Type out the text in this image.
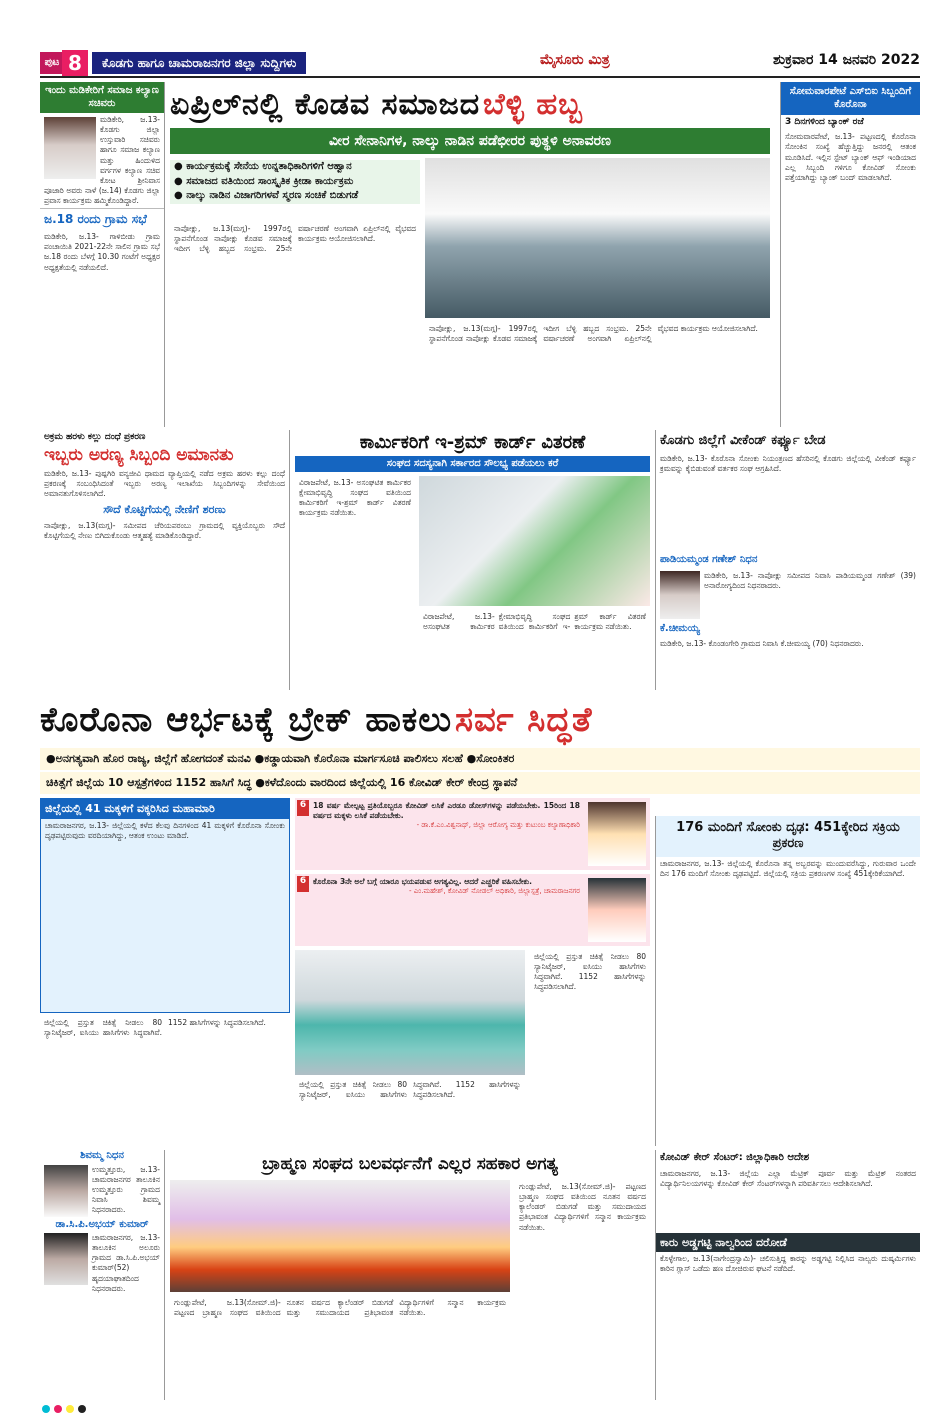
ಪುಟ 8	ಕೊಡಗು ಹಾಗೂ ಚಾಮರಾಜನಗರ ಜಿಲ್ಲಾ ಸುದ್ದಿಗಳು	ಮೈಸೂರು ಮಿತ್ರ	ಶುಕ್ರವಾರ 14 ಜನವರಿ 2022
ಇಂದು ಮಡಿಕೇರಿಗೆ ಸಮಾಜ ಕಲ್ಯಾಣ ಸಚಿವರು
ಮಡಿಕೇರಿ, ಜ.13- ಕೊಡಗು ಜಿಲ್ಲಾ ಉಸ್ತುವಾರಿ ಸಚಿವರು ಹಾಗೂ ಸಮಾಜ ಕಲ್ಯಾಣ ಮತ್ತು ಹಿಂದುಳಿದ ವರ್ಗಗಳ ಕಲ್ಯಾಣ ಸಚಿವ ಕೋಟ ಶ್ರೀನಿವಾಸ ಪೂಜಾರಿ ಅವರು ನಾಳೆ (ಜ.14) ಕೊಡಗು ಜಿಲ್ಲಾ ಪ್ರವಾಸ ಕಾರ್ಯಕ್ರಮ ಹಮ್ಮಿಕೊಂಡಿದ್ದಾರೆ.
ಜ.18 ರಂದು ಗ್ರಾಮ ಸಭೆ
ಮಡಿಕೇರಿ, ಜ.13- ಗಾಳಿಬೀಡು ಗ್ರಾಮ ಪಂಚಾಯಿತಿ 2021-22ನೇ ಸಾಲಿನ ಗ್ರಾಮ ಸಭೆ ಜ.18 ರಂದು ಬೆಳಗ್ಗೆ 10.30 ಗಂಟೆಗೆ ಅಧ್ಯಕ್ಷರ ಅಧ್ಯಕ್ಷತೆಯಲ್ಲಿ ನಡೆಯಲಿದೆ.
ಏಪ್ರಿಲ್‌ನಲ್ಲಿ ಕೊಡವ ಸಮಾಜದ ಬೆಳ್ಳಿ ಹಬ್ಬ
ವೀರ ಸೇನಾನಿಗಳ, ನಾಲ್ಕು ನಾಡಿನ ಪಡೆಛೀರರ ಪುತ್ಥಳಿ ಅನಾವರಣ
● ಕಾರ್ಯಕ್ರಮಕ್ಕೆ ಸೇನೆಯ ಉನ್ನತಾಧಿಕಾರಿಗಳಿಗೆ ಆಹ್ವಾನ
● ಸಮಾಜದ ವತಿಯಿಂದ ಸಾಂಸ್ಕೃತಿಕ ಕ್ರೀಡಾ ಕಾರ್ಯಕ್ರಮ
● ನಾಲ್ಕು ನಾಡಿನ ವಿಜಾಗರಿಗಳವೆ ಸ್ಮರಣ ಸಂಚಿಕೆ ಬಿಡುಗಡೆ
ನಾಪೋಕ್ಲು, ಜ.13(ಮಗ್ಗ)- 1997ರಲ್ಲಿ ಸ್ಥಾಪನೆಗೊಂಡ ನಾಪೋಕ್ಲು ಕೊಡವ ಸಮಾಜಕ್ಕೆ ಇದೀಗ ಬೆಳ್ಳಿ ಹಬ್ಬದ ಸಂಭ್ರಮ. 25ನೇ ವರ್ಷಾಚರಣೆ ಅಂಗವಾಗಿ ಏಪ್ರಿಲ್‌ನಲ್ಲಿ ವೈಭವದ ಕಾರ್ಯಕ್ರಮ ಆಯೋಜಿಸಲಾಗಿದೆ.
ನಾಪೋಕ್ಲು, ಜ.13(ಮಗ್ಗ)- 1997ರಲ್ಲಿ ಸ್ಥಾಪನೆಗೊಂಡ ನಾಪೋಕ್ಲು ಕೊಡವ ಸಮಾಜಕ್ಕೆ ಇದೀಗ ಬೆಳ್ಳಿ ಹಬ್ಬದ ಸಂಭ್ರಮ. 25ನೇ ವರ್ಷಾಚರಣೆ ಅಂಗವಾಗಿ ಏಪ್ರಿಲ್‌ನಲ್ಲಿ ವೈಭವದ ಕಾರ್ಯಕ್ರಮ ಆಯೋಜಿಸಲಾಗಿದೆ.
ಸೋಮವಾರಪೇಟೆ ಎಸ್‌ಬಿಐ ಸಿಬ್ಬಂದಿಗೆ ಕೊರೊನಾ
3 ದಿನಗಳಿಂದ ಬ್ಯಾಂಕ್ ರಜೆ
ಸೋಮವಾರಪೇಟೆ, ಜ.13- ಪಟ್ಟಣದಲ್ಲಿ ಕೊರೊನಾ ಸೋಂಕಿನ ಸಂಖ್ಯೆ ಹೆಚ್ಚುತ್ತಿದ್ದು ಜನರಲ್ಲಿ ಆತಂಕ ಮೂಡಿಸಿದೆ. ಇಲ್ಲಿನ ಸ್ಟೇಟ್ ಬ್ಯಾಂಕ್ ಆಫ್ ಇಂಡಿಯಾದ ಎಲ್ಲ ಸಿಬ್ಬಂದಿ ಗಳಿಗೂ ಕೋವಿಡ್ ಸೋಂಕು ಪತ್ತೆಯಾಗಿದ್ದು ಬ್ಯಾಂಕ್ ಬಂದ್ ಮಾಡಲಾಗಿದೆ.
ಅಕ್ರಮ ಹರಳು ಕಲ್ಲು ದಂಧೆ ಪ್ರಕರಣ
ಇಬ್ಬರು ಅರಣ್ಯ ಸಿಬ್ಬಂದಿ ಅಮಾನತು
ಮಡಿಕೇರಿ, ಜ.13- ಪುಷ್ಪಗಿರಿ ವನ್ಯಜೀವಿ ಧಾಮದ ವ್ಯಾಪ್ತಿಯಲ್ಲಿ ನಡೆದ ಅಕ್ರಮ ಹರಳು ಕಲ್ಲು ದಂಧೆ ಪ್ರಕರಣಕ್ಕೆ ಸಂಬಂಧಿಸಿದಂತೆ ಇಬ್ಬರು ಅರಣ್ಯ ಇಲಾಖೆಯ ಸಿಬ್ಬಂದಿಗಳನ್ನು ಸೇವೆಯಿಂದ ಅಮಾನತುಗೊಳಿಸಲಾಗಿದೆ.
ಸೌದೆ ಕೊಟ್ಟಿಗೆಯಲ್ಲಿ ನೇಣಿಗೆ ಶರಣು
ನಾಪೋಕ್ಲು, ಜ.13(ಮಗ್ಗ)- ಸಮೀಪದ ಚೆರಿಯಪರಂಬು ಗ್ರಾಮದಲ್ಲಿ ವ್ಯಕ್ತಿಯೊಬ್ಬರು ಸೌದೆ ಕೊಟ್ಟಿಗೆಯಲ್ಲಿ ನೇಣು ಬಿಗಿದುಕೊಂಡು ಆತ್ಮಹತ್ಯೆ ಮಾಡಿಕೊಂಡಿದ್ದಾರೆ.
ಕಾರ್ಮಿಕರಿಗೆ ಇ-ಶ್ರಮ್ ಕಾರ್ಡ್ ವಿತರಣೆ
ಸಂಘದ ಸದಸ್ಯನಾಗಿ ಸರ್ಕಾರದ ಸೌಲಭ್ಯ ಪಡೆಯಲು ಕರೆ
ವಿರಾಜಪೇಟೆ, ಜ.13- ಅಸಂಘಟಿತ ಕಾರ್ಮಿಕರ ಕ್ಷೇಮಾಭಿವೃದ್ಧಿ ಸಂಘದ ವತಿಯಿಂದ ಕಾರ್ಮಿಕರಿಗೆ ಇ-ಶ್ರಮ್ ಕಾರ್ಡ್ ವಿತರಣೆ ಕಾರ್ಯಕ್ರಮ ನಡೆಯಿತು.
ವಿರಾಜಪೇಟೆ, ಜ.13- ಅಸಂಘಟಿತ ಕಾರ್ಮಿಕರ ಕ್ಷೇಮಾಭಿವೃದ್ಧಿ ಸಂಘದ ವತಿಯಿಂದ ಕಾರ್ಮಿಕರಿಗೆ ಇ-ಶ್ರಮ್ ಕಾರ್ಡ್ ವಿತರಣೆ ಕಾರ್ಯಕ್ರಮ ನಡೆಯಿತು.
ಕೊಡಗು ಜಿಲ್ಲೆಗೆ ವೀಕೆಂಡ್ ಕರ್ಫ್ಯೂ ಬೇಡ
ಮಡಿಕೇರಿ, ಜ.13- ಕೊರೊನಾ ಸೋಂಕು ನಿಯಂತ್ರಣದ ಹೆಸರಿನಲ್ಲಿ ಕೊಡಗು ಜಿಲ್ಲೆಯಲ್ಲಿ ವೀಕೆಂಡ್ ಕರ್ಫ್ಯೂ ಕ್ರಮವನ್ನು ಕೈಬಿಡುವಂತೆ ವರ್ತಕರ ಸಂಘ ಆಗ್ರಹಿಸಿದೆ.
ಪಾಡಿಯಮ್ಮಂಡ ಗಣೇಶ್ ನಿಧನ
ಮಡಿಕೇರಿ, ಜ.13- ನಾಪೋಕ್ಲು ಸಮೀಪದ ನಿವಾಸಿ ಪಾಡಿಯಮ್ಮಂಡ ಗಣೇಶ್ (39) ಅನಾರೋಗ್ಯದಿಂದ ನಿಧನರಾದರು.
ಕೆ.ಚೀಮಯ್ಯ
ಮಡಿಕೇರಿ, ಜ.13- ಕೊಂಡಂಗೇರಿ ಗ್ರಾಮದ ನಿವಾಸಿ ಕೆ.ಚೀಮಯ್ಯ (70) ನಿಧನರಾದರು.
ಕೊರೊನಾ ಆರ್ಭಟಕ್ಕೆ ಬ್ರೇಕ್ ಹಾಕಲು ಸರ್ವ ಸಿದ್ಧತೆ
●ಅನಗತ್ಯವಾಗಿ ಹೊರ ರಾಜ್ಯ, ಜಿಲ್ಲೆಗೆ ಹೋಗದಂತೆ ಮನವಿ ●ಕಡ್ಡಾಯವಾಗಿ ಕೊರೊನಾ ಮಾರ್ಗಸೂಚಿ ಪಾಲಿಸಲು ಸಲಹೆ ●ಸೋಂಕಿತರ
ಚಿಕಿತ್ಸೆಗೆ ಜಿಲ್ಲೆಯ 10 ಆಸ್ಪತ್ರೆಗಳಿಂದ 1152 ಹಾಸಿಗೆ ಸಿದ್ಧ ●ಕಳೆದೊಂದು ವಾರದಿಂದ ಜಿಲ್ಲೆಯಲ್ಲಿ 16 ಕೋವಿಡ್ ಕೇರ್ ಕೇಂದ್ರ ಸ್ಥಾಪನೆ
ಜಿಲ್ಲೆಯಲ್ಲಿ 41 ಮಕ್ಕಳಿಗೆ ವಕ್ಕರಿಸಿದ ಮಹಾಮಾರಿ
ಚಾಮರಾಜನಗರ, ಜ.13- ಜಿಲ್ಲೆಯಲ್ಲಿ ಕಳೆದ ಕೆಲವು ದಿನಗಳಿಂದ 41 ಮಕ್ಕಳಿಗೆ ಕೊರೊನಾ ಸೋಂಕು ದೃಢಪಟ್ಟಿರುವುದು ವರದಿಯಾಗಿದ್ದು, ಆತಂಕ ಉಂಟು ಮಾಡಿದೆ.
ಜಿಲ್ಲೆಯಲ್ಲಿ ಪ್ರಸ್ತುತ ಚಿಕಿತ್ಸೆ ನೀಡಲು 80 ಸ್ಯಾನಿಟೈಜರ್, ಐಸಿಯು ಹಾಸಿಗೆಗಳು ಸಿದ್ಧವಾಗಿವೆ. 1152 ಹಾಸಿಗೆಗಳನ್ನು ಸಿದ್ಧಪಡಿಸಲಾಗಿದೆ.
6 18 ವರ್ಷ ಮೇಲ್ಪಟ್ಟ ಪ್ರತಿಯೊಬ್ಬರೂ ಕೋವಿಡ್ ಲಸಿಕೆ ಎರಡೂ ಡೋಸ್‌ಗಳನ್ನು ಪಡೆಯಬೇಕು. 15ರಿಂದ 18 ವರ್ಷದ ಮಕ್ಕಳು ಲಸಿಕೆ ಪಡೆಯಬೇಕು.
- ಡಾ.ಕೆ.ಎಂ.ವಿಶ್ವನಾಥ್, ಜಿಲ್ಲಾ ಆರೋಗ್ಯ ಮತ್ತು ಕುಟುಂಬ ಕಲ್ಯಾಣಾಧಿಕಾರಿ
6 ಕೊರೊನಾ 3ನೇ ಅಲೆ ಬಗ್ಗೆ ಯಾರೂ ಭಯಪಡುವ ಅಗತ್ಯವಿಲ್ಲ. ಆದರೆ ಎಚ್ಚರಿಕೆ ವಹಿಸಬೇಕು.
- ಎಂ.ಮಹೇಶ್, ಕೋವಿಡ್ ನೋಡಲ್ ಅಧಿಕಾರಿ, ಜಿಲ್ಲಾಸ್ಪತ್ರೆ, ಚಾಮರಾಜನಗರ
ಜಿಲ್ಲೆಯಲ್ಲಿ ಪ್ರಸ್ತುತ ಚಿಕಿತ್ಸೆ ನೀಡಲು 80 ಸ್ಯಾನಿಟೈಜರ್, ಐಸಿಯು ಹಾಸಿಗೆಗಳು ಸಿದ್ಧವಾಗಿವೆ. 1152 ಹಾಸಿಗೆಗಳನ್ನು ಸಿದ್ಧಪಡಿಸಲಾಗಿದೆ.
ಜಿಲ್ಲೆಯಲ್ಲಿ ಪ್ರಸ್ತುತ ಚಿಕಿತ್ಸೆ ನೀಡಲು 80 ಸ್ಯಾನಿಟೈಜರ್, ಐಸಿಯು ಹಾಸಿಗೆಗಳು ಸಿದ್ಧವಾಗಿವೆ. 1152 ಹಾಸಿಗೆಗಳನ್ನು ಸಿದ್ಧಪಡಿಸಲಾಗಿದೆ.
176 ಮಂದಿಗೆ ಸೋಂಕು ದೃಢ: 451ಕ್ಕೇರಿದ ಸಕ್ರಿಯ ಪ್ರಕರಣ
ಚಾಮರಾಜನಗರ, ಜ.13- ಜಿಲ್ಲೆಯಲ್ಲಿ ಕೊರೊನಾ ತನ್ನ ಅಬ್ಬರವನ್ನು ಮುಂದುವರೆಸಿದ್ದು, ಗುರುವಾರ ಒಂದೇ ದಿನ 176 ಮಂದಿಗೆ ಸೋಂಕು ದೃಢಪಟ್ಟಿದೆ. ಜಿಲ್ಲೆಯಲ್ಲಿ ಸಕ್ರಿಯ ಪ್ರಕರಣಗಳ ಸಂಖ್ಯೆ 451ಕ್ಕೇರಿಕೆಯಾಗಿದೆ.
ಶಿವಮ್ಮ ನಿಧನ
ಉಮ್ಮತ್ತೂರು, ಜ.13- ಚಾಮರಾಜನಗರ ತಾಲೂಕಿನ ಉಮ್ಮತ್ತೂರು ಗ್ರಾಮದ ನಿವಾಸಿ ಶಿವಮ್ಮ ನಿಧನರಾದರು.
ಡಾ.ಸಿ.ಪಿ.ಅಭಯ್ ಕುಮಾರ್
ಚಾಮರಾಜನಗರ, ಜ.13- ತಾಲೂಕಿನ ಅಲೂರು ಗ್ರಾಮದ ಡಾ.ಸಿ.ಪಿ.ಅಭಯ್ ಕುಮಾರ್(52) ಹೃದಯಾಘಾತದಿಂದ ನಿಧನರಾದರು.
ಬ್ರಾಹ್ಮಣ ಸಂಘದ ಬಲವರ್ಧನೆಗೆ ಎಲ್ಲರ ಸಹಕಾರ ಅಗತ್ಯ
ಗುಂಡ್ಲುಪೇಟೆ, ಜ.13(ಸೋಮ್.ಜಿ)- ಪಟ್ಟಣದ ಬ್ರಾಹ್ಮಣ ಸಂಘದ ವತಿಯಿಂದ ನೂತನ ವರ್ಷದ ಕ್ಯಾಲೆಂಡರ್ ಬಿಡುಗಡೆ ಮತ್ತು ಸಮುದಾಯದ ಪ್ರತಿಭಾವಂತ ವಿದ್ಯಾರ್ಥಿಗಳಿಗೆ ಸನ್ಮಾನ ಕಾರ್ಯಕ್ರಮ ನಡೆಯಿತು.
ಗುಂಡ್ಲುಪೇಟೆ, ಜ.13(ಸೋಮ್.ಜಿ)- ಪಟ್ಟಣದ ಬ್ರಾಹ್ಮಣ ಸಂಘದ ವತಿಯಿಂದ ನೂತನ ವರ್ಷದ ಕ್ಯಾಲೆಂಡರ್ ಬಿಡುಗಡೆ ಮತ್ತು ಸಮುದಾಯದ ಪ್ರತಿಭಾವಂತ ವಿದ್ಯಾರ್ಥಿಗಳಿಗೆ ಸನ್ಮಾನ ಕಾರ್ಯಕ್ರಮ ನಡೆಯಿತು.
ಕೋವಿಡ್ ಕೇರ್ ಸೆಂಟರ್: ಜಿಲ್ಲಾಧಿಕಾರಿ ಆದೇಶ
ಚಾಮರಾಜನಗರ, ಜ.13- ಜಿಲ್ಲೆಯ ಎಲ್ಲಾ ಮೆಟ್ರಿಕ್ ಪೂರ್ವ ಮತ್ತು ಮೆಟ್ರಿಕ್ ನಂತರದ ವಿದ್ಯಾರ್ಥಿನಿಲಯಗಳನ್ನು ಕೋವಿಡ್ ಕೇರ್ ಸೆಂಟರ್‌ಗಳನ್ನಾಗಿ ಪರಿವರ್ತಿಸಲು ಆದೇಶಿಸಲಾಗಿದೆ.
ಕಾರು ಅಡ್ಡಗಟ್ಟಿ ನಾಲ್ವರಿಂದ ದರೋಡೆ
ಕೊಳ್ಳೇಗಾಲ, ಜ.13(ನಾಗೇಂದ್ರಸ್ವಾಮಿ)- ಚಲಿಸುತ್ತಿದ್ದ ಕಾರನ್ನು ಅಡ್ಡಗಟ್ಟಿ ನಿಲ್ಲಿಸಿದ ನಾಲ್ವರು ದುಷ್ಕರ್ಮಿಗಳು ಕಾರಿನ ಗ್ಲಾಸ್ ಒಡೆದು ಹಣ ದೋಚಿರುವ ಘಟನೆ ನಡೆದಿದೆ.
